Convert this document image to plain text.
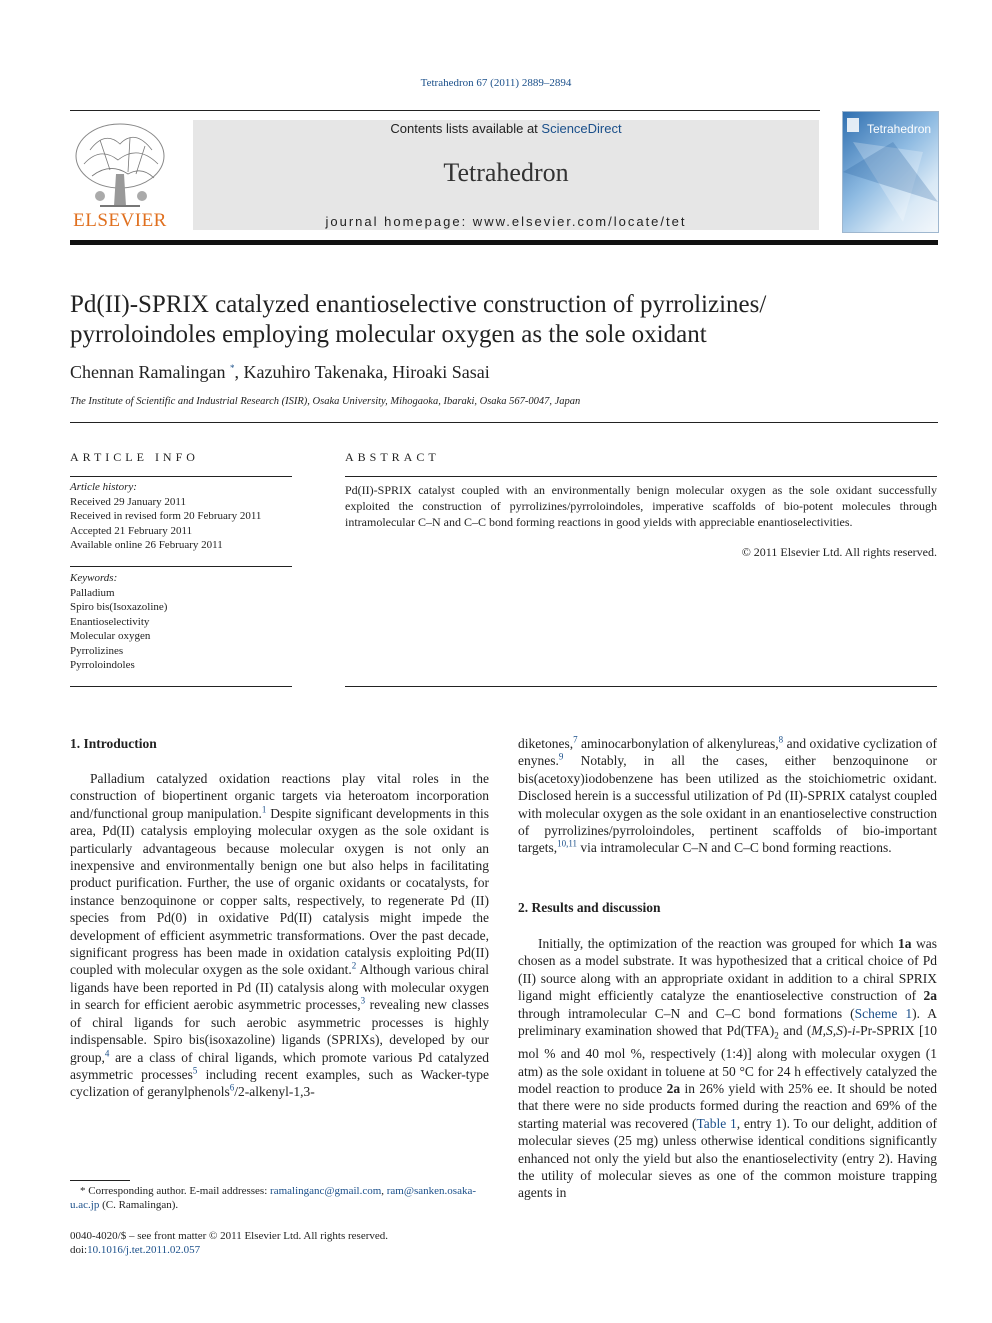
Tetrahedron 67 (2011) 2889–2894
ELSEVIER
Contents lists available at ScienceDirect
Tetrahedron
journal homepage: www.elsevier.com/locate/tet
Tetrahedron
Pd(II)-SPRIX catalyzed enantioselective construction of pyrrolizines/
pyrroloindoles employing molecular oxygen as the sole oxidant
Chennan Ramalingan *, Kazuhiro Takenaka, Hiroaki Sasai
The Institute of Scientific and Industrial Research (ISIR), Osaka University, Mihogaoka, Ibaraki, Osaka 567-0047, Japan
ARTICLE INFO
Article history:
Received 29 January 2011
Received in revised form 20 February 2011
Accepted 21 February 2011
Available online 26 February 2011
Keywords:
Palladium
Spiro bis(Isoxazoline)
Enantioselectivity
Molecular oxygen
Pyrrolizines
Pyrroloindoles
ABSTRACT
Pd(II)-SPRIX catalyst coupled with an environmentally benign molecular oxygen as the sole oxidant successfully exploited the construction of pyrrolizines/pyrroloindoles, imperative scaffolds of bio-potent molecules through intramolecular C–N and C–C bond forming reactions in good yields with appreciable enantioselectivities.
© 2011 Elsevier Ltd. All rights reserved.
1. Introduction

Palladium catalyzed oxidation reactions play vital roles in the construction of biopertinent organic targets via heteroatom incorporation and/functional group manipulation.$^1$ Despite significant developments in this area, Pd(II) catalysis employing molecular oxygen as the sole oxidant is particularly advantageous because molecular oxygen is not only an inexpensive and environmentally benign one but also helps in facilitating product purification. Further, the use of organic oxidants or cocatalysts, for instance benzoquinone or copper salts, respectively, to regenerate Pd (II) species from Pd(0) in oxidative Pd(II) catalysis might impede the development of efficient asymmetric transformations. Over the past decade, significant progress has been made in oxidation catalysis exploiting Pd(II) coupled with molecular oxygen as the sole oxidant.$^2$ Although various chiral ligands have been reported in Pd (II) catalysis along with molecular oxygen in search for efficient aerobic asymmetric processes,$^3$ revealing new classes of chiral ligands for such aerobic asymmetric processes is highly indispensable. Spiro bis(isoxazoline) ligands (SPRIXs), developed by our group,$^4$ are a class of chiral ligands, which promote various Pd catalyzed asymmetric processes$^5$ including recent examples, such as Wacker-type cyclization of geranylphenols$^6$/2-alkenyl-1,3-

* Corresponding author. E-mail addresses: ramalinganc@gmail.com, ram@sanken.osaka-u.ac.jp (C. Ramalingan).
0040-4020/$ – see front matter © 2011 Elsevier Ltd. All rights reserved.
doi:10.1016/j.tet.2011.02.057

diketones,$^7$ aminocarbonylation of alkenylureas,$^8$ and oxidative cyclization of enynes.$^9$ Notably, in all the cases, either benzoquinone or bis(acetoxy)iodobenzene has been utilized as the stoichiometric oxidant. Disclosed herein is a successful utilization of Pd (II)-SPRIX catalyst coupled with molecular oxygen as the sole oxidant in an enantioselective construction of pyrrolizines/pyrroloindoles, pertinent scaffolds of bio-important targets,$^{10,11}$ via intramolecular C–N and C–C bond forming reactions.

2. Results and discussion

Initially, the optimization of the reaction was grouped for which 1a was chosen as a model substrate. It was hypothesized that a critical choice of Pd (II) source along with an appropriate oxidant in addition to a chiral SPRIX ligand might efficiently catalyze the enantioselective construction of 2a through intramolecular C–N and C–C bond formations (Scheme 1). A preliminary examination showed that $Pd(TFA)_2$ and (M,S,S)-i-Pr-SPRIX [10 mol % and 40 mol %, respectively (1:4)] along with molecular oxygen (1 atm) as the sole oxidant in toluene at 50 °C for 24 h effectively catalyzed the model reaction to produce 2a in 26% yield with 25% ee. It should be noted that there were no side products formed during the reaction and 69% of the starting material was recovered (Table 1, entry 1). To our delight, addition of molecular sieves (25 mg) unless otherwise identical conditions significantly enhanced not only the yield but also the enantioselectivity (entry 2). Having the utility of molecular sieves as one of the common moisture trapping agents in
